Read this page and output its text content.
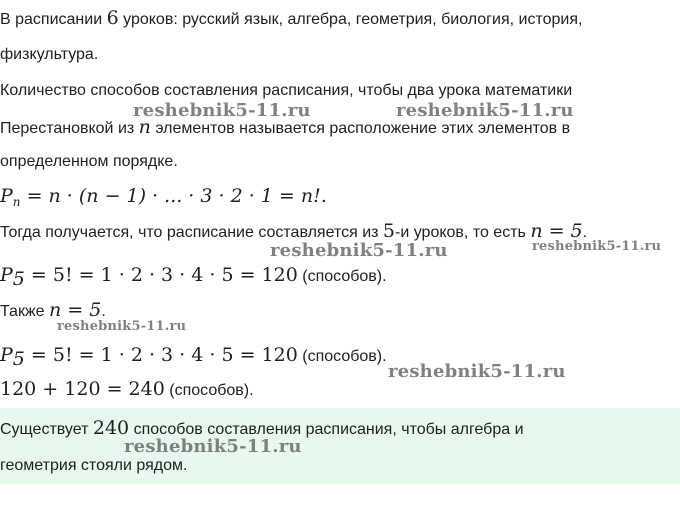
В расписании 6 уроков: русский язык, алгебра, геометрия, биология, история,
физкультура.
Количество способов составления расписания, чтобы два урока математики
Перестановкой из n элементов называется расположение этих элементов в
определенном порядке.
$P_n = n \cdot (n - 1)$ · ... · 3 · 2 · 1 = n!.
Тогда получается, что расписание составляется из 5-и уроков, то есть n = 5.
$P_5 = 5$! = 1 · 2 · 3 · 4 · 5 = 120 (способов).
Также n = 5.
$P_5 = 5$! = 1 · 2 · 3 · 4 · 5 = 120 (способов).
120 + 120 = 240 (способов).
Существует 240 способов составления расписания, чтобы алгебра и
геометрия стояли рядом.
reshebnik5-11.ru	reshebnik5-11.ru
reshebnik5-11.ru	reshebnik5-11.ru
reshebnik5-11.ru
reshebnik5-11.ru
reshebnik5-11.ru
